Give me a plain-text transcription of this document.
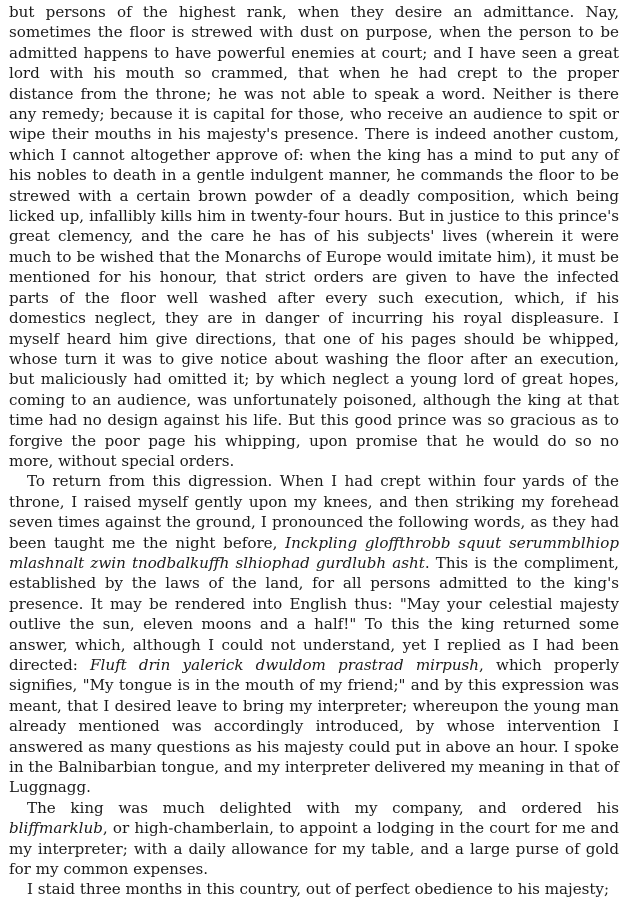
but persons of the highest rank, when they desire an admittance. Nay, sometimes the floor is strewed with dust on purpose, when the person to be admitted happens to have powerful enemies at court; and I have seen a great lord with his mouth so crammed, that when he had crept to the proper distance from the throne; he was not able to speak a word. Neither is there any remedy; because it is capital for those, who receive an audience to spit or wipe their mouths in his majesty's presence. There is indeed another custom, which I cannot altogether approve of: when the king has a mind to put any of his nobles to death in a gentle indulgent manner, he commands the floor to be strewed with a certain brown powder of a deadly composition, which being licked up, infallibly kills him in twenty-four hours. But in justice to this prince's great clemency, and the care he has of his subjects' lives (wherein it were much to be wished that the Monarchs of Europe would imitate him), it must be mentioned for his honour, that strict orders are given to have the infected parts of the floor well washed after every such execution, which, if his domestics neglect, they are in danger of incurring his royal displeasure. I myself heard him give directions, that one of his pages should be whipped, whose turn it was to give notice about washing the floor after an execution, but maliciously had omitted it; by which neglect a young lord of great hopes, coming to an audience, was unfortunately poisoned, although the king at that time had no design against his life. But this good prince was so gracious as to forgive the poor page his whipping, upon promise that he would do so no more, without special orders.

To return from this digression. When I had crept within four yards of the throne, I raised myself gently upon my knees, and then striking my forehead seven times against the ground, I pronounced the following words, as they had been taught me the night before, Inckpling gloffthrobb squut serummblhiop mlashnalt zwin tnodbalkuffh slhiophad gurdlubh asht. This is the compliment, established by the laws of the land, for all persons admitted to the king's presence. It may be rendered into English thus: "May your celestial majesty outlive the sun, eleven moons and a half!" To this the king returned some answer, which, although I could not understand, yet I replied as I had been directed: Fluft drin yalerick dwuldom prastrad mirpush, which properly signifies, "My tongue is in the mouth of my friend;" and by this expression was meant, that I desired leave to bring my interpreter; whereupon the young man already mentioned was accordingly introduced, by whose intervention I answered as many questions as his majesty could put in above an hour. I spoke in the Balnibarbian tongue, and my interpreter delivered my meaning in that of Luggnagg.

The king was much delighted with my company, and ordered his bliffmarklub, or high-chamberlain, to appoint a lodging in the court for me and my interpreter; with a daily allowance for my table, and a large purse of gold for my common expenses.

I staid three months in this country, out of perfect obedience to his majesty;
